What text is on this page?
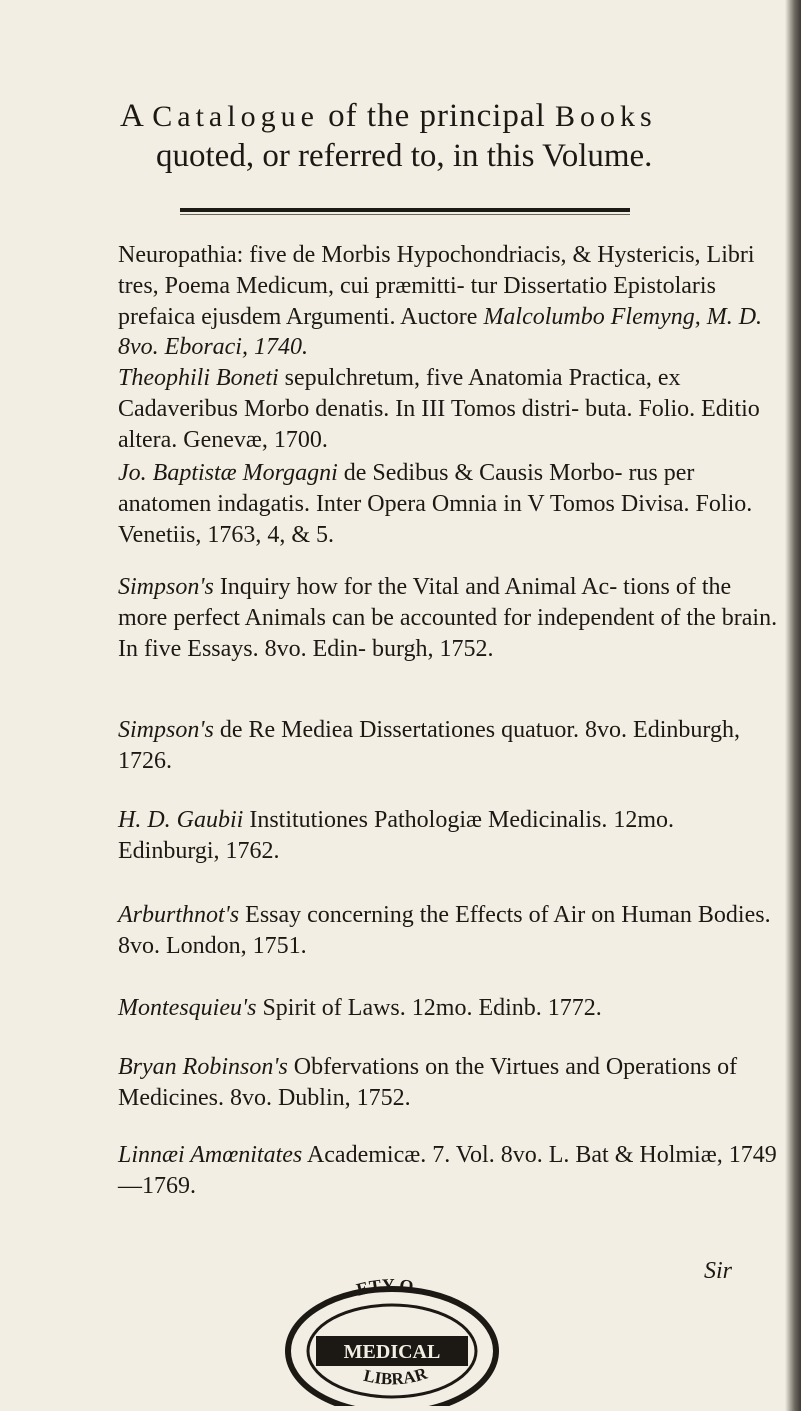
A Catalogue of the principal Books
quoted, or referred to, in this Volume.

Neuropathia: five de Morbis Hypochondriacis, & Hystericis, Libri tres, Poema Medicum, cui præmitti- tur Dissertatio Epistolaris prefaica ejusdem Argumenti. Auctore Malcolumbo Flemyng, M. D. 8vo. Eboraci, 1740.

Theophili Boneti sepulchretum, five Anatomia Practica, ex Cadaveribus Morbo denatis. In III Tomos distri- buta. Folio. Editio altera. Genevæ, 1700.

Jo. Baptistæ Morgagni de Sedibus & Causis Morbo- rus per anatomen indagatis. Inter Opera Omnia in V Tomos Divisa. Folio. Venetiis, 1763, 4, & 5.

Simpson's Inquiry how for the Vital and Animal Ac- tions of the more perfect Animals can be accounted for independent of the brain. In five Essays. 8vo. Edin- burgh, 1752.

Simpson's de Re Mediea Dissertationes quatuor. 8vo. Edinburgh, 1726.

H. D. Gaubii Institutiones Pathologiæ Medicinalis. 12mo. Edinburgi, 1762.

Arburthnot's Essay concerning the Effects of Air on Human Bodies. 8vo. London, 1751.

Montesquieu's Spirit of Laws. 12mo. Edinb. 1772.

Bryan Robinson's Obfervations on the Virtues and Operations of Medicines. 8vo. Dublin, 1752.

Linnæi Amœnitates Academicæ. 7. Vol. 8vo. L. Bat & Holmiæ, 1749—1769.

Sir
ETY O
MEDICAL
LIBRAR
